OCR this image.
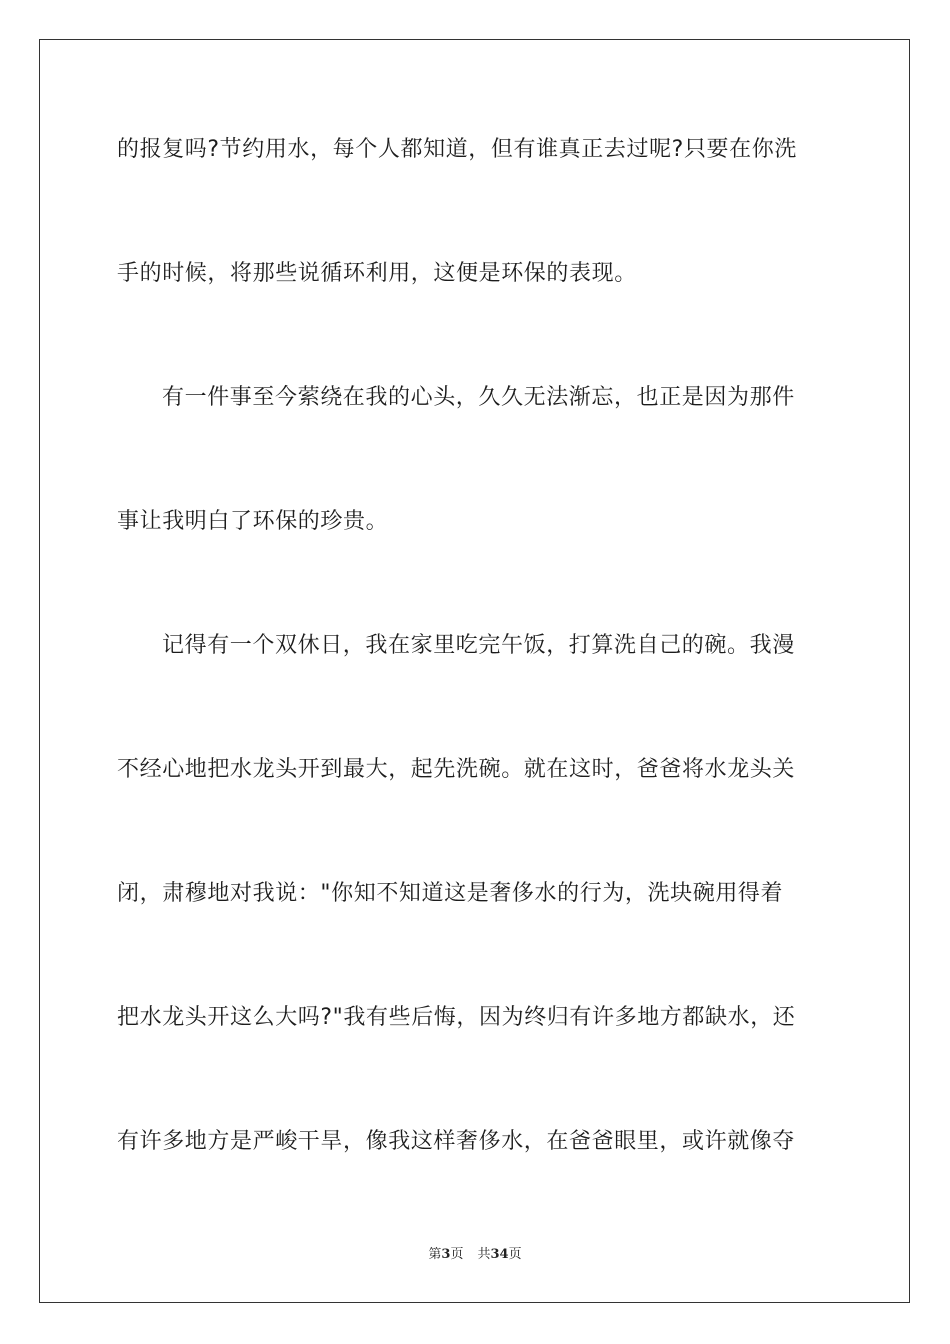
的报复吗?节约用水，每个人都知道，但有谁真正去过呢?只要在你洗
手的时候，将那些说循环利用，这便是环保的表现。
有一件事至今萦绕在我的心头，久久无法渐忘，也正是因为那件
事让我明白了环保的珍贵。
记得有一个双休日，我在家里吃完午饭，打算洗自己的碗。我漫
不经心地把水龙头开到最大，起先洗碗。就在这时，爸爸将水龙头关
闭，肃穆地对我说："你知不知道这是奢侈水的行为，洗块碗用得着
把水龙头开这么大吗?"我有些后悔，因为终归有许多地方都缺水，还
有许多地方是严峻干旱，像我这样奢侈水，在爸爸眼里，或许就像夺
第3页 共34页
